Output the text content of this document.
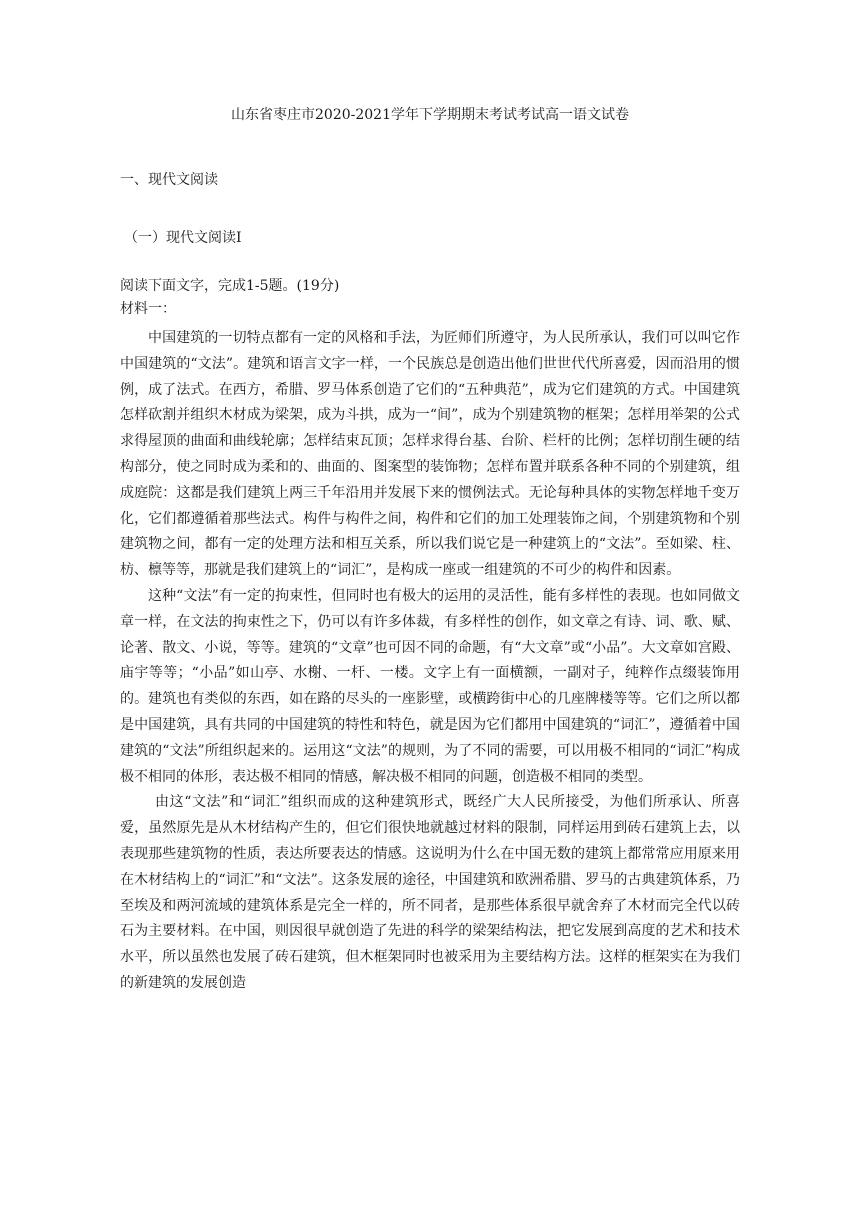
山东省枣庄市2020-2021学年下学期期末考试考试高一语文试卷

一、现代文阅读

（一）现代文阅读Ⅰ

阅读下面文字，完成1-5题。(19分)

材料一：

中国建筑的一切特点都有一定的风格和手法，为匠师们所遵守，为人民所承认，我们可以叫它作中国建筑的“文法”。建筑和语言文字一样，一个民族总是创造出他们世世代代所喜爱，因而沿用的惯例，成了法式。在西方，希腊、罗马体系创造了它们的“五种典范”，成为它们建筑的方式。中国建筑怎样砍割并组织木材成为梁架，成为斗拱，成为一“间”，成为个别建筑物的框架；怎样用举架的公式求得屋顶的曲面和曲线轮廓；怎样结束瓦顶；怎样求得台基、台阶、栏杆的比例；怎样切削生硬的结构部分，使之同时成为柔和的、曲面的、图案型的装饰物；怎样布置并联系各种不同的个别建筑，组成庭院：这都是我们建筑上两三千年沿用并发展下来的惯例法式。无论每种具体的实物怎样地千变万化，它们都遵循着那些法式。构件与构件之间，构件和它们的加工处理装饰之间，个别建筑物和个别建筑物之间，都有一定的处理方法和相互关系，所以我们说它是一种建筑上的“文法”。至如梁、柱、枋、檩等等，那就是我们建筑上的“词汇”，是构成一座或一组建筑的不可少的构件和因素。

这种“文法”有一定的拘束性，但同时也有极大的运用的灵活性，能有多样性的表现。也如同做文章一样，在文法的拘束性之下，仍可以有许多体裁，有多样性的创作，如文章之有诗、词、歌、赋、论著、散文、小说，等等。建筑的“文章”也可因不同的命题，有“大文章”或“小品”。大文章如宫殿、庙宇等等；“小品”如山亭、水榭、一杆、一楼。文字上有一面横额，一副对子，纯粹作点缀装饰用的。建筑也有类似的东西，如在路的尽头的一座影壁，或横跨街中心的几座牌楼等等。它们之所以都是中国建筑，具有共同的中国建筑的特性和特色，就是因为它们都用中国建筑的“词汇”，遵循着中国建筑的“文法”所组织起来的。运用这“文法”的规则，为了不同的需要，可以用极不相同的“词汇”构成极不相同的体形，表达极不相同的情感，解决极不相同的问题，创造极不相同的类型。

由这“文法”和“词汇”组织而成的这种建筑形式，既经广大人民所接受，为他们所承认、所喜爱，虽然原先是从木材结构产生的，但它们很快地就越过材料的限制，同样运用到砖石建筑上去，以表现那些建筑物的性质，表达所要表达的情感。这说明为什么在中国无数的建筑上都常常应用原来用在木材结构上的“词汇”和“文法”。这条发展的途径，中国建筑和欧洲希腊、罗马的古典建筑体系，乃至埃及和两河流域的建筑体系是完全一样的，所不同者，是那些体系很早就舍弃了木材而完全代以砖石为主要材料。在中国，则因很早就创造了先进的科学的梁架结构法，把它发展到高度的艺术和技术水平，所以虽然也发展了砖石建筑，但木框架同时也被采用为主要结构方法。这样的框架实在为我们的新建筑的发展创造
